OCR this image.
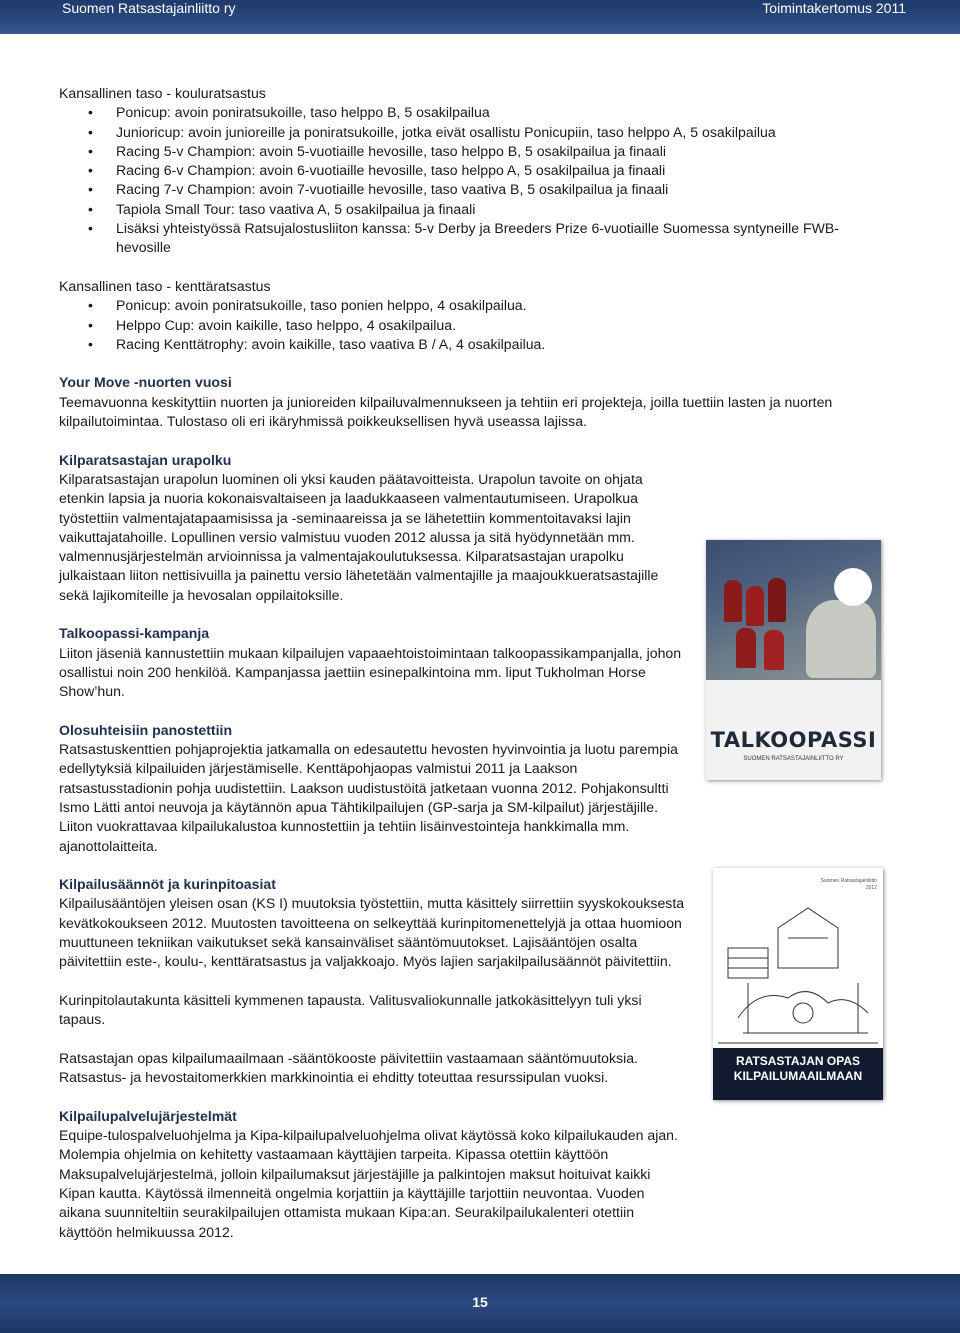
Suomen Ratsastajainliitto ry	Toimintakertomus 2011

Kansallinen taso - kouluratsastus

• Ponicup: avoin poniratsukoille, taso helppo B, 5 osakilpailua
• Junioricup: avoin junioreille ja poniratsukoille, jotka eivät osallistu Ponicupiin, taso helppo A, 5 osakilpailua
• Racing 5-v Champion: avoin 5-vuotiaille hevosille, taso helppo B, 5 osakilpailua ja finaali
• Racing 6-v Champion: avoin 6-vuotiaille hevosille, taso helppo A, 5 osakilpailua ja finaali
• Racing 7-v Champion: avoin 7-vuotiaille hevosille, taso vaativa B, 5 osakilpailua ja finaali
• Tapiola Small Tour: taso vaativa A, 5 osakilpailua ja finaali
• Lisäksi yhteistyössä Ratsujalostusliiton kanssa: 5-v Derby ja Breeders Prize 6-vuotiaille Suomessa syntyneille FWB-hevosille

Kansallinen taso - kenttäratsastus

• Ponicup: avoin poniratsukoille, taso ponien helppo, 4 osakilpailua.
• Helppo Cup: avoin kaikille, taso helppo, 4 osakilpailua.
• Racing Kenttätrophy: avoin kaikille, taso vaativa B / A, 4 osakilpailua.

Your Move -nuorten vuosi

Teemavuonna keskityttiin nuorten ja junioreiden kilpailuvalmennukseen ja tehtiin eri projekteja, joilla tuettiin lasten ja nuorten kilpailutoimintaa. Tulostaso oli eri ikäryhmissä poikkeuksellisen hyvä useassa lajissa.

Kilparatsastajan urapolku

Kilparatsastajan urapolun luominen oli yksi kauden päätavoitteista. Urapolun tavoite on ohjata etenkin lapsia ja nuoria kokonaisvaltaiseen ja laadukkaaseen valmentautumiseen. Urapolkua työstettiin valmentajatapaamisissa ja -seminaareissa ja se lähetettiin kommentoitavaksi lajin vaikuttajatahoille. Lopullinen versio valmistuu vuoden 2012 alussa ja sitä hyödynnetään mm. valmennusjärjestelmän arvioinnissa ja valmentajakoulutuksessa. Kilparatsastajan urapolku julkaistaan liiton nettisivuilla ja painettu versio lähetetään valmentajille ja maajoukkueratsastajille sekä lajikomiteille ja hevosalan oppilaitoksille.

Talkoopassi-kampanja

Liiton jäseniä kannustettiin mukaan kilpailujen vapaaehtoistoimintaan talkoopassikampanjalla, johon osallistui noin 200 henkilöä. Kampanjassa jaettiin esinepalkintoina mm. liput Tukholman Horse Show’hun.

Olosuhteisiin panostettiin

Ratsastuskenttien pohjaprojektia jatkamalla on edesautettu hevosten hyvinvointia ja luotu parempia edellytyksiä kilpailuiden järjestämiselle. Kenttäpohjaopas valmistui 2011 ja Laakson ratsastusstadionin pohja uudistettiin. Laakson uudistustöitä jatketaan vuonna 2012. Pohjakonsultti Ismo Lätti antoi neuvoja ja käytännön apua Tähtikilpailujen (GP-sarja ja SM-kilpailut) järjestäjille. Liiton vuokrattavaa kilpailukalustoa kunnostettiin ja tehtiin lisäinvestointeja hankkimalla mm. ajanottolaitteita.

Kilpailusäännöt ja kurinpitoasiat

Kilpailusääntöjen yleisen osan (KS I) muutoksia työstettiin, mutta käsittely siirrettiin syyskokouksesta kevätkokoukseen 2012. Muutosten tavoitteena on selkeyttää kurinpitomenettelyjä ja ottaa huomioon muuttuneen tekniikan vaikutukset sekä kansainväliset sääntömuutokset. Lajisääntöjen osalta päivitettiin este-, koulu-, kenttäratsastus ja valjakkoajo. Myös lajien sarjakilpailusäännöt päivitettiin.

Kurinpitolautakunta käsitteli kymmenen tapausta. Valitusvaliokunnalle jatkokäsittelyyn tuli yksi tapaus.

Ratsastajan opas kilpailumaailmaan -sääntökooste päivitettiin vastaamaan sääntömuutoksia. Ratsastus- ja hevostaitomerkkien markkinointia ei ehditty toteuttaa resurssipulan vuoksi.

Kilpailupalvelujärjestelmät

Equipe-tulospalveluohjelma ja Kipa-kilpailupalveluohjelma olivat käytössä koko kilpailukauden ajan. Molempia ohjelmia on kehitetty vastaamaan käyttäjien tarpeita. Kipassa otettiin käyttöön Maksupalvelujärjestelmä, jolloin kilpailumaksut järjestäjille ja palkintojen maksut hoituivat kaikki Kipan kautta. Käytössä ilmenneitä ongelmia korjattiin ja käyttäjille tarjottiin neuvontaa. Vuoden aikana suunniteltiin seurakilpailujen ottamista mukaan Kipa:an. Seurakilpailukalenteri otettiin käyttöön helmikuussa 2012.

TALKOOPASSI
SUOMEN RATSASTAJAINLIITTO RY
Suomen Ratsastajainliitto
2012
RATSASTAJAN OPAS
KILPAILUMAAILMAAN
15
